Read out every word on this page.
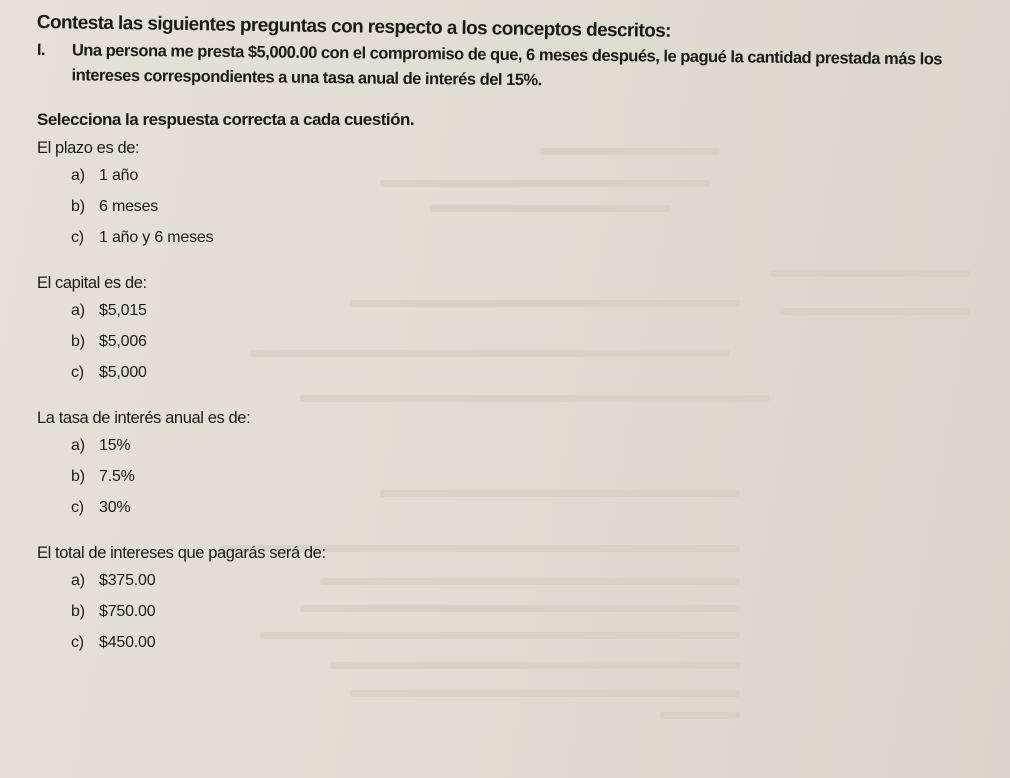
Contesta las siguientes preguntas con respecto a los conceptos descritos:
I.	Una persona me presta $5,000.00 con el compromiso de que, 6 meses después, le pagué la cantidad prestada más los intereses correspondientes a una tasa anual de interés del 15%.
Selecciona la respuesta correcta a cada cuestión.
El plazo es de:
a) 1 año
b) 6 meses
c) 1 año y 6 meses
El capital es de:
a) $5,015
b) $5,006
c) $5,000
La tasa de interés anual es de:
a) 15%
b) 7.5%
c) 30%
El total de intereses que pagarás será de:
a) $375.00
b) $750.00
c) $450.00
